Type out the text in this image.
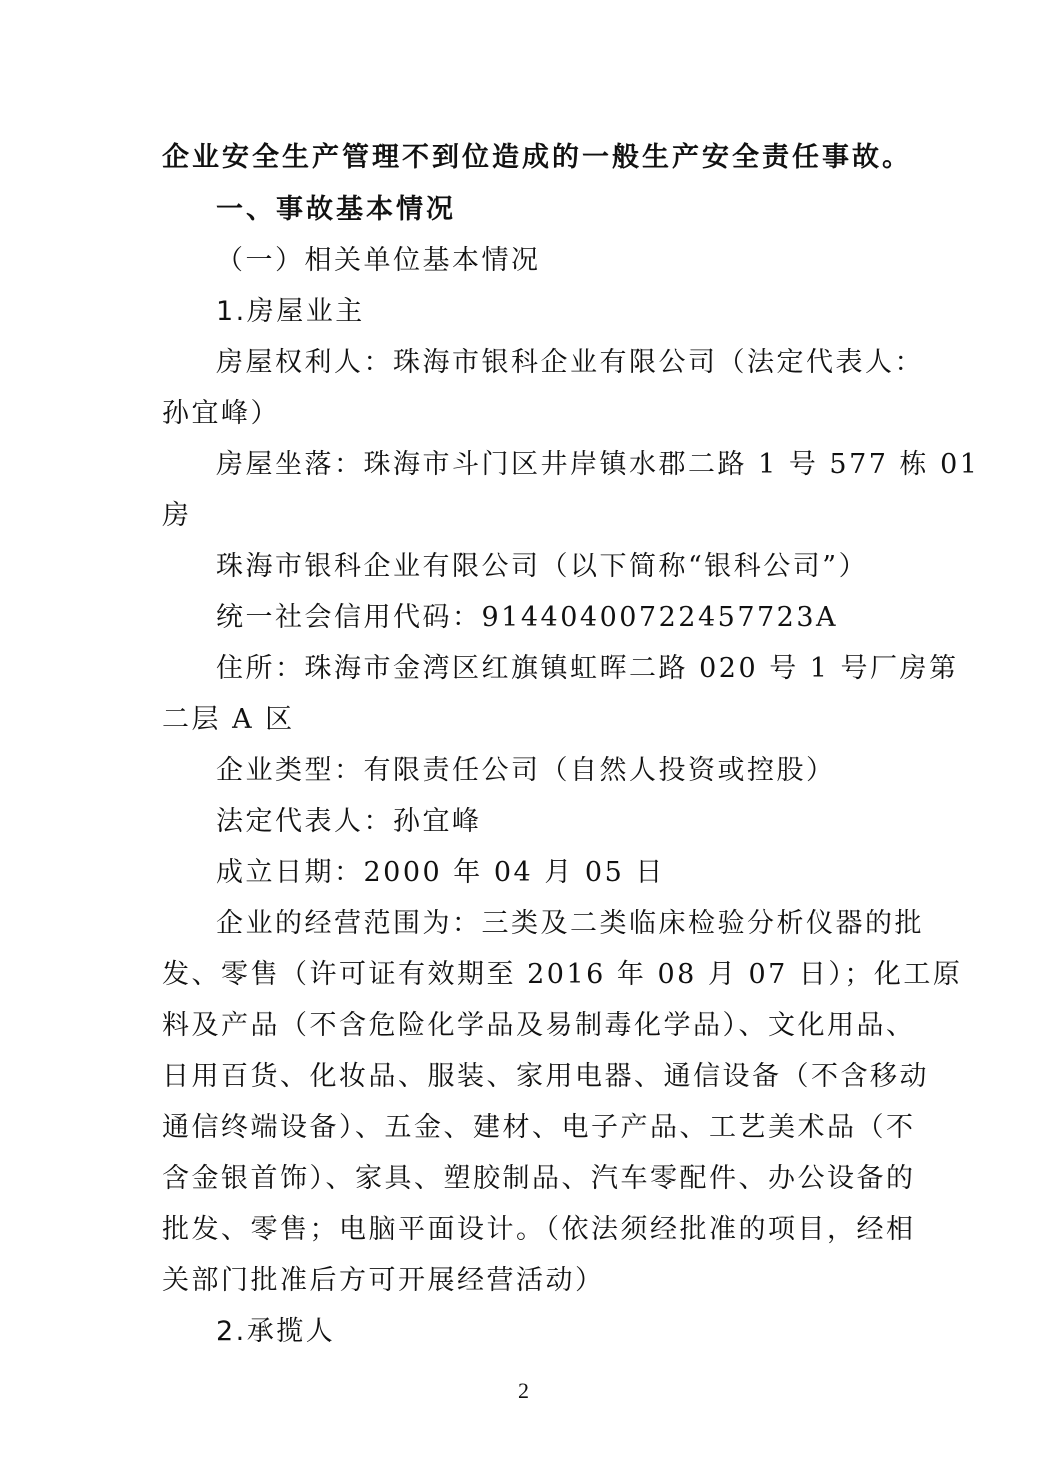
企业安全生产管理不到位造成的一般生产安全责任事故。
一、事故基本情况
（一）相关单位基本情况
1.房屋业主
房屋权利人：珠海市银科企业有限公司（法定代表人：
孙宜峰）
房屋坐落：珠海市斗门区井岸镇水郡二路 1 号 577 栋 01
房
珠海市银科企业有限公司（以下简称“银科公司”）
统一社会信用代码：91440400722457723A
住所：珠海市金湾区红旗镇虹晖二路 020 号 1 号厂房第
二层 A 区
企业类型：有限责任公司（自然人投资或控股）
法定代表人：孙宜峰
成立日期：2000 年 04 月 05 日
企业的经营范围为：三类及二类临床检验分析仪器的批
发、零售（许可证有效期至 2016 年 08 月 07 日）；化工原
料及产品（不含危险化学品及易制毒化学品）、文化用品、
日用百货、化妆品、服装、家用电器、通信设备（不含移动
通信终端设备）、五金、建材、电子产品、工艺美术品（不
含金银首饰）、家具、塑胶制品、汽车零配件、办公设备的
批发、零售；电脑平面设计。（依法须经批准的项目，经相
关部门批准后方可开展经营活动）
2.承揽人
2
